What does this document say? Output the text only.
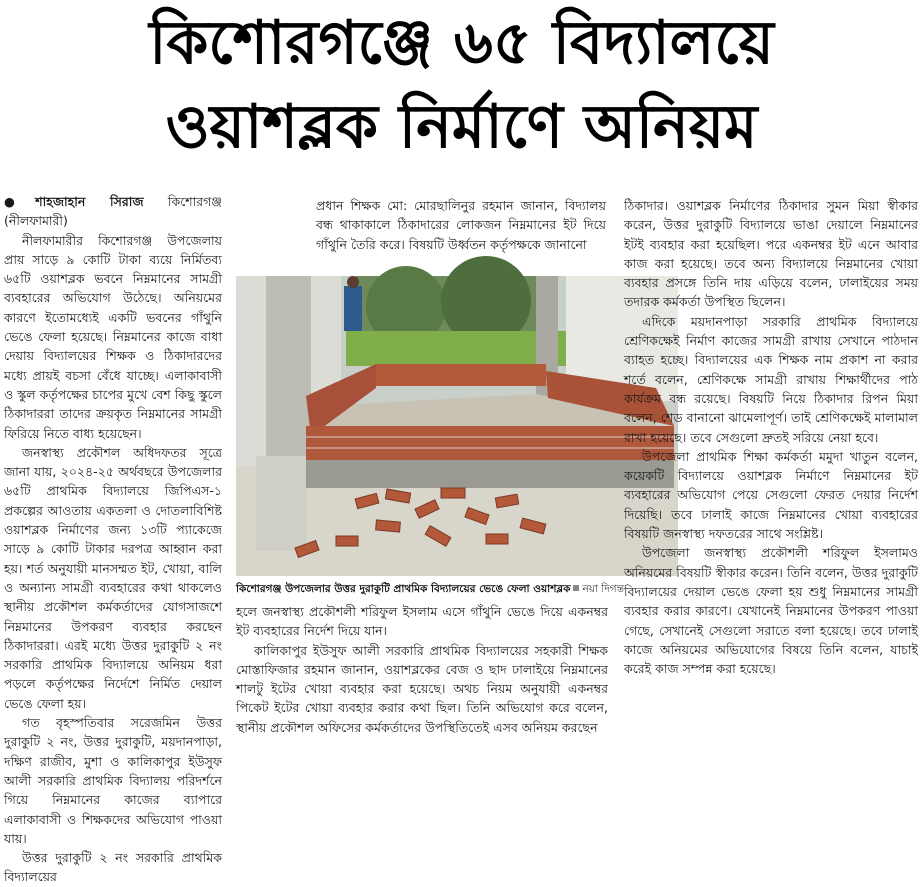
কিশোরগঞ্জে ৬৫ বিদ্যালয়ে
ওয়াশব্লক নির্মাণে অনিয়ম

●শাহজাহান সিরাজ কিশোরগঞ্জ (নীলফামারী)

নীলফামারীর কিশোরগঞ্জ উপজেলায় প্রায় সাড়ে ৯ কোটি টাকা ব্যয়ে নির্মিতব্য ৬৫টি ওয়াশব্লক ভবনে নিম্নমানের সামগ্রী ব্যবহারের অভিযোগ উঠেছে। অনিয়মের কারণে ইতোমধ্যেই একটি ভবনের গাঁথুনি ভেঙে ফেলা হয়েছে। নিম্নমানের কাজে বাধা দেয়ায় বিদ্যালয়ের শিক্ষক ও ঠিকাদারদের মধ্যে প্রায়ই বচসা বেঁধে যাচ্ছে। এলাকাবাসী ও স্কুল কর্তৃপক্ষের চাপের মুখে বেশ কিছু স্কুলে ঠিকাদাররা তাদের ক্রয়কৃত নিম্নমানের সামগ্রী ফিরিয়ে নিতে বাধ্য হয়েছেন।

জনস্বাস্থ্য প্রকৌশল অধিদফতর সূত্রে জানা যায়, ২০২৪-২৫ অর্থবছরে উপজেলার ৬৫টি প্রাথমিক বিদ্যালয়ে জিপিএস-১ প্রকল্পের আওতায় একতলা ও দোতলাবিশিষ্ট ওয়াশব্লক নির্মাণের জন্য ১৩টি প্যাকেজে সাড়ে ৯ কোটি টাকার দরপত্র আহ্বান করা হয়। শর্ত অনুযায়ী মানসম্মত ইট, খোয়া, বালি ও অন্যান্য সামগ্রী ব্যবহারের কথা থাকলেও স্থানীয় প্রকৌশল কর্মকর্তাদের যোগসাজশে নিম্নমানের উপকরণ ব্যবহার করছেন ঠিকাদাররা। এরই মধ্যে উত্তর দুরাকুটি ২ নং সরকারি প্রাথমিক বিদ্যালয়ে অনিয়ম ধরা পড়লে কর্তৃপক্ষের নির্দেশে নির্মিত দেয়াল ভেঙে ফেলা হয়।

গত বৃহস্পতিবার সরেজমিন উত্তর দুরাকুটি ২ নং, উত্তর দুরাকুটি, ময়দানপাড়া, দক্ষিণ রাজীব, মুশা ও কালিকাপুর ইউসুফ আলী সরকারি প্রাথমিক বিদ্যালয় পরিদর্শনে গিয়ে নিম্নমানের কাজের ব্যাপারে এলাকাবাসী ও শিক্ষকদের অভিযোগ পাওয়া যায়।

উত্তর দুরাকুটি ২ নং সরকারি প্রাথমিক বিদ্যালয়ের

প্রধান শিক্ষক মো: মোরছালিনুর রহমান জানান, বিদ্যালয় বন্ধ থাকাকালে ঠিকাদারের লোকজন নিম্নমানের ইট দিয়ে গাঁথুনি তৈরি করে। বিষয়টি উর্ধ্বতন কর্তৃপক্ষকে জানানো

কিশোরগঞ্জ উপজেলার উত্তর দুরাকুটি প্রাথমিক বিদ্যালয়ের ভেঙে ফেলা ওয়াশব্লক নয়া দিগন্ত

হলে জনস্বাস্থ্য প্রকৌশলী শরিফুল ইসলাম এসে গাঁথুনি ভেঙে দিয়ে একনম্বর ইট ব্যবহারের নির্দেশ দিয়ে যান।

কালিকাপুর ইউসুফ আলী সরকারি প্রাথমিক বিদ্যালয়ের সহকারী শিক্ষক মোস্তাফিজার রহমান জানান, ওয়াশব্লকের বেজ ও ছাদ ঢালাইয়ে নিম্নমানের শালটু ইটের খোয়া ব্যবহার করা হয়েছে। অথচ নিয়ম অনুযায়ী একনম্বর পিকেট ইটের খোয়া ব্যবহার করার কথা ছিল। তিনি অভিযোগ করে বলেন, স্থানীয় প্রকৌশল অফিসের কর্মকর্তাদের উপস্থিতিতেই এসব অনিয়ম করছেন

ঠিকাদার। ওয়াশব্লক নির্মাণের ঠিকাদার সুমন মিয়া স্বীকার করেন, উত্তর দুরাকুটি বিদ্যালয়ে ভাঙা দেয়ালে নিম্নমানের ইটই ব্যবহার করা হয়েছিল। পরে একনম্বর ইট এনে আবার কাজ করা হয়েছে। তবে অন্য বিদ্যালয়ে নিম্নমানের খোয়া ব্যবহার প্রসঙ্গে তিনি দায় এড়িয়ে বলেন, ঢালাইয়ের সময় তদারক কর্মকর্তা উপস্থিত ছিলেন।

এদিকে ময়দানপাড়া সরকারি প্রাথমিক বিদ্যালয়ে শ্রেণিকক্ষেই নির্মাণ কাজের সামগ্রী রাখায় সেখানে পাঠদান ব্যাহত হচ্ছে। বিদ্যালয়ের এক শিক্ষক নাম প্রকাশ না করার শর্তে বলেন, শ্রেণিকক্ষে সামগ্রী রাখায় শিক্ষার্থীদের পাঠ কার্যক্রম বন্ধ রয়েছে। বিষয়টি নিয়ে ঠিকাদার রিপন মিয়া বলেন, শেড বানানো ঝামেলাপূর্ণ। তাই শ্রেণিকক্ষেই মালামাল রাখা হয়েছে। তবে সেগুলো দ্রুতই সরিয়ে নেয়া হবে।

উপজেলা প্রাথমিক শিক্ষা কর্মকর্তা মমুদা খাতুন বলেন, কয়েকটি বিদ্যালয়ে ওয়াশব্লক নির্মাণে নিম্নমানের ইট ব্যবহারের অভিযোগ পেয়ে সেগুলো ফেরত দেয়ার নির্দেশ দিয়েছি। তবে ঢালাই কাজে নিম্নমানের খোয়া ব্যবহারের বিষয়টি জনস্বাস্থ্য দফতরের সাথে সংশ্লিষ্ট।

উপজেলা জনস্বাস্থ্য প্রকৌশলী শরিফুল ইসলামও অনিয়মের বিষয়টি স্বীকার করেন। তিনি বলেন, উত্তর দুরাকুটি বিদ্যালয়ের দেয়াল ভেঙে ফেলা হয় শুধু নিম্নমানের সামগ্রী ব্যবহার করার কারণে। যেখানেই নিম্নমানের উপকরণ পাওয়া গেছে, সেখানেই সেগুলো সরাতে বলা হয়েছে। তবে ঢালাই কাজে অনিয়মের অভিযোগের বিষয়ে তিনি বলেন, যাচাই করেই কাজ সম্পন্ন করা হয়েছে।
